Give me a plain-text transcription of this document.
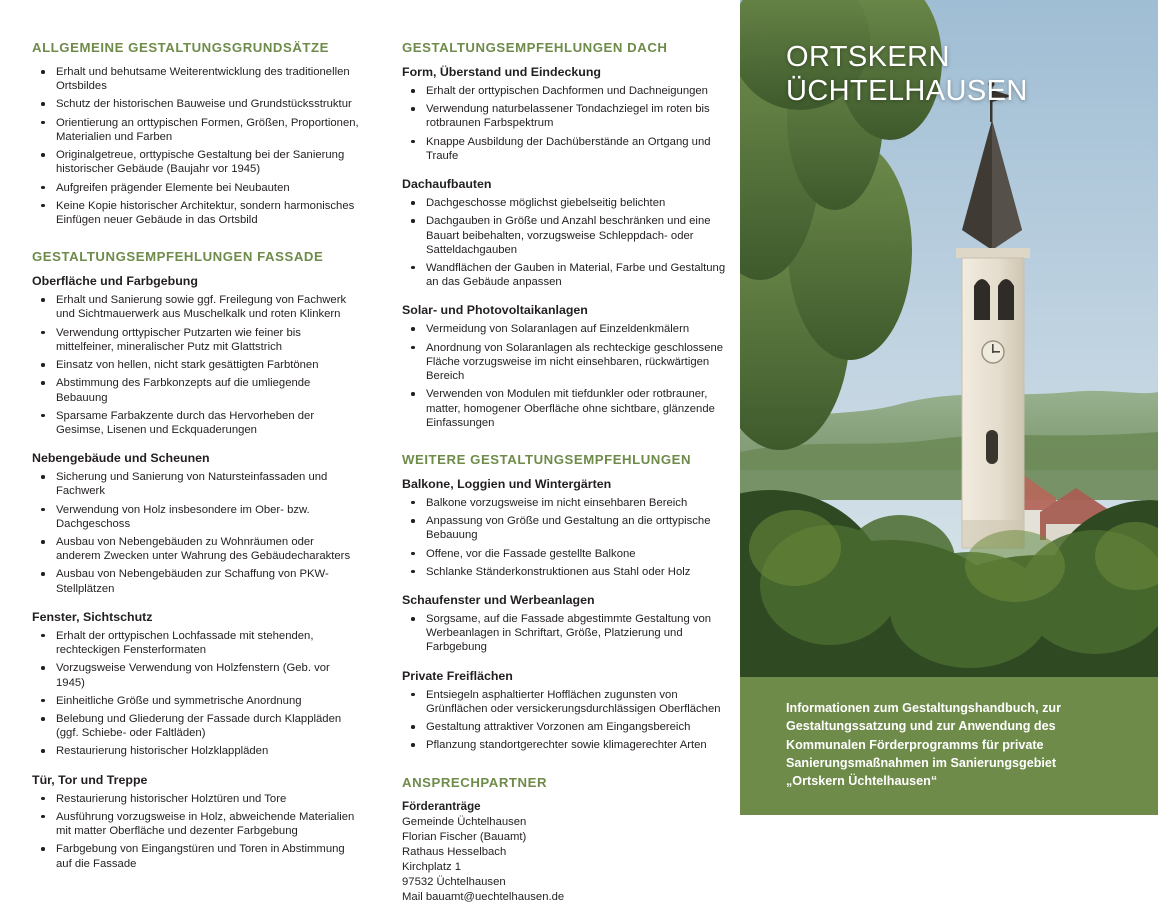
ALLGEMEINE GESTALTUNGSGRUNDSÄTZE
Erhalt und behutsame Weiterentwicklung des traditionellen Ortsbildes
Schutz der historischen Bauweise und Grundstücksstruktur
Orientierung an orttypischen Formen, Größen, Proportionen, Materialien und Farben
Originalgetreue, orttypische Gestaltung bei der Sanierung historischer Gebäude (Baujahr vor 1945)
Aufgreifen prägender Elemente bei Neubauten
Keine Kopie historischer Architektur, sondern harmonisches Einfügen neuer Gebäude in das Ortsbild
GESTALTUNGSEMPFEHLUNGEN FASSADE
Oberfläche und Farbgebung
Erhalt und Sanierung sowie ggf. Freilegung von Fachwerk und Sichtmauerwerk aus Muschelkalk und roten Klinkern
Verwendung orttypischer Putzarten wie feiner bis mittelfeiner, mineralischer Putz mit Glattstrich
Einsatz von hellen, nicht stark gesättigten Farbtönen
Abstimmung des Farbkonzepts auf die umliegende Bebauung
Sparsame Farbakzente durch das Hervorheben der Gesimse, Lisenen und Eckquaderungen
Nebengebäude und Scheunen
Sicherung und Sanierung von Natursteinfassaden und Fachwerk
Verwendung von Holz insbesondere im Ober- bzw. Dachgeschoss
Ausbau von Nebengebäuden zu Wohnräumen oder anderem Zwecken unter Wahrung des Gebäudecharakters
Ausbau von Nebengebäuden zur Schaffung von PKW-Stellplätzen
Fenster, Sichtschutz
Erhalt der orttypischen Lochfassade mit stehenden, rechteckigen Fensterformaten
Vorzugsweise Verwendung von Holzfenstern (Geb. vor 1945)
Einheitliche Größe und symmetrische Anordnung
Belebung und Gliederung der Fassade durch Klappläden (ggf. Schiebe- oder Faltläden)
Restaurierung historischer Holzklappläden
Tür, Tor und Treppe
Restaurierung historischer Holztüren und Tore
Ausführung vorzugsweise in Holz, abweichende Materialien mit matter Oberfläche und dezenter Farbgebung
Farbgebung von Eingangstüren und Toren in Abstimmung auf die Fassade
GESTALTUNGSEMPFEHLUNGEN DACH
Form, Überstand und Eindeckung
Erhalt der orttypischen Dachformen und Dachneigungen
Verwendung naturbelassener Tondachziegel im roten bis rotbraunen Farbspektrum
Knappe Ausbildung der Dachüberstände an Ortgang und Traufe
Dachaufbauten
Dachgeschosse möglichst giebelseitig belichten
Dachgauben in Größe und Anzahl beschränken und eine Bauart beibehalten, vorzugsweise Schleppdach- oder Satteldachgauben
Wandflächen der Gauben in Material, Farbe und Gestaltung an das Gebäude anpassen
Solar- und Photovoltaikanlagen
Vermeidung von Solaranlagen auf Einzeldenkmälern
Anordnung von Solaranlagen als rechteckige geschlossene Fläche vorzugsweise im nicht einsehbaren, rückwärtigen Bereich
Verwenden von Modulen mit tiefdunkler oder rotbrauner, matter, homogener Oberfläche ohne sichtbare, glänzende Einfassungen
WEITERE GESTALTUNGSEMPFEHLUNGEN
Balkone, Loggien und Wintergärten
Balkone vorzugsweise im nicht einsehbaren Bereich
Anpassung von Größe und Gestaltung an die orttypische Bebauung
Offene, vor die Fassade gestellte Balkone
Schlanke Ständerkonstruktionen aus Stahl oder Holz
Schaufenster und Werbeanlagen
Sorgsame, auf die Fassade abgestimmte Gestaltung von Werbeanlagen in Schriftart, Größe, Platzierung und Farbgebung
Private Freiflächen
Entsiegeln asphaltierter Hofflächen zugunsten von Grünflächen oder versickerungsdurchlässigen Oberflächen
Gestaltung attraktiver Vorzonen am Eingangsbereich
Pflanzung standortgerechter sowie klimagerechter Arten
ANSPRECHPARTNER
Förderanträge
Gemeinde Üchtelhausen
Florian Fischer (Bauamt)
Rathaus Hesselbach
Kirchplatz 1
97532 Üchtelhausen
Mail bauamt@uechtelhausen.de
ORTSKERN
ÜCHTELHAUSEN
Informationen zum Gestaltungshandbuch, zur Gestaltungssatzung und zur Anwendung des Kommunalen Förderprogramms für private Sanierungsmaßnahmen im Sanierungsgebiet „Ortskern Üchtelhausen“
